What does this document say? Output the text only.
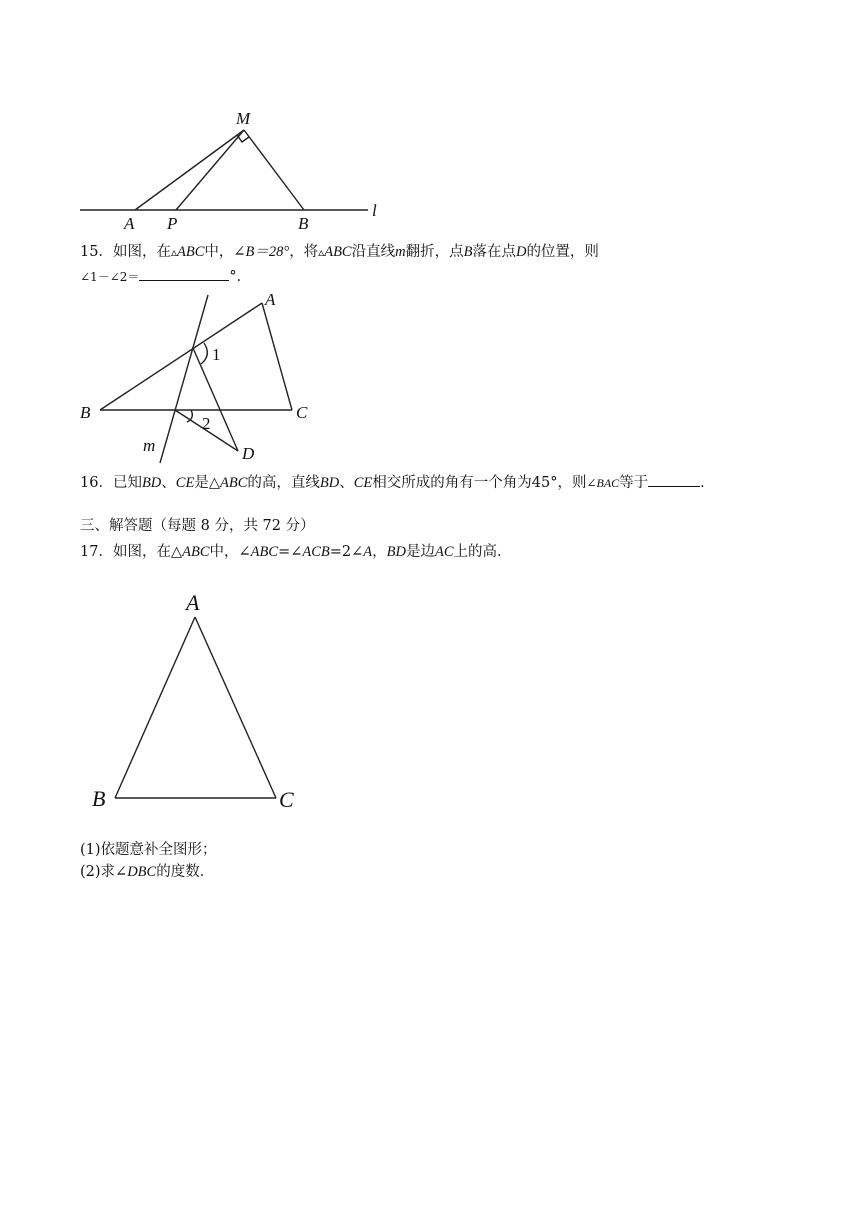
M
A P	B
l
15．如图，在▵ABC中，∠B＝28°，将▵ABC沿直线m翻折，点B落在点D的位置，则
∠1－∠2＝	°．
A
B	C
D
m
1
2
16．已知BD、CE是△ABC的高，直线BD、CE相交所成的角有一个角为45°，则∠BAC等于	．
三、解答题（每题 8 分，共 72 分）
17．如图，在△ABC中，∠ABC=∠ACB=2∠A，BD是边AC上的高．
A
B	C
(1)依题意补全图形；
(2)求∠DBC的度数．
